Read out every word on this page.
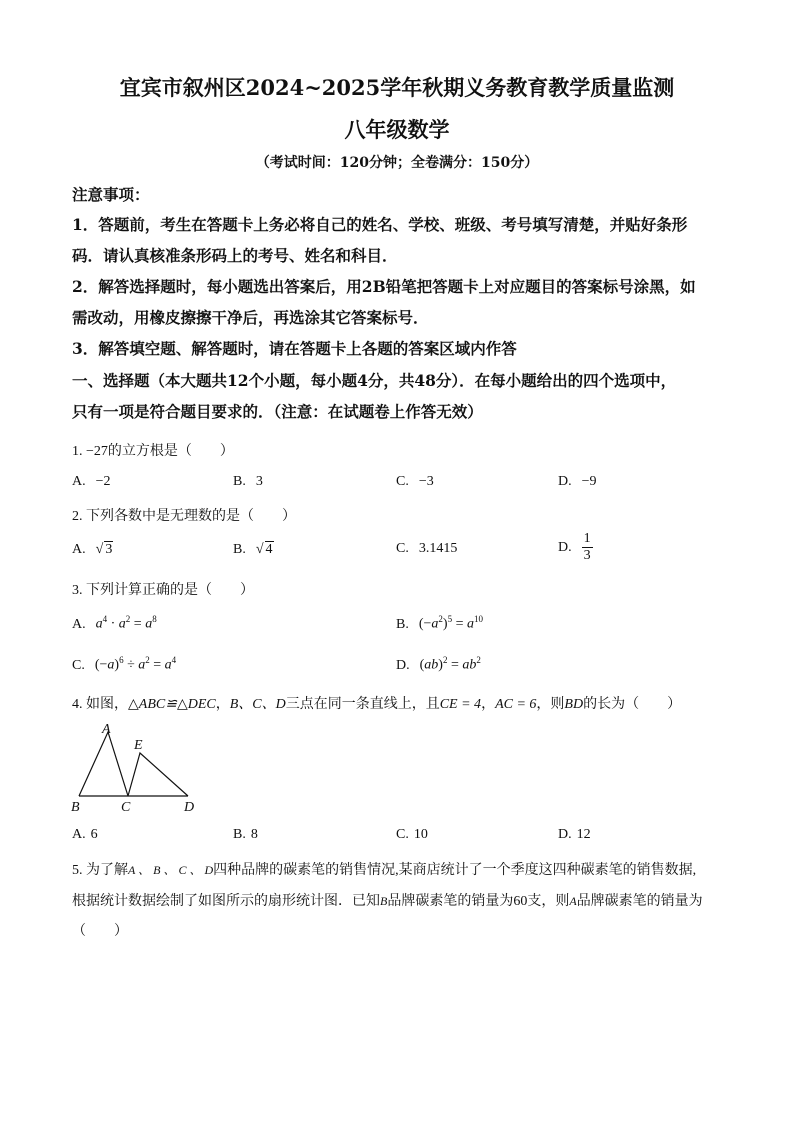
宜宾市叙州区2024~2025学年秋期义务教育教学质量监测
八年级数学
（考试时间：120分钟；全卷满分：150分）
注意事项：
1．答题前，考生在答题卡上务必将自己的姓名、学校、班级、考号填写清楚，并贴好条形
码．请认真核准条形码上的考号、姓名和科目．
2．解答选择题时，每小题选出答案后，用2B铅笔把答题卡上对应题目的答案标号涂黑，如
需改动，用橡皮擦擦干净后，再选涂其它答案标号．
3．解答填空题、解答题时，请在答题卡上各题的答案区域内作答
一、选择题（本大题共12个小题，每小题4分，共48分）．在每小题给出的四个选项中，
只有一项是符合题目要求的．（注意：在试题卷上作答无效）
1. −27的立方根是（　　）
A. −2	B. 3	C. −3	D. −9
2. 下列各数中是无理数的是（　　）
A. √ 3	B. √ 4	C. 3.1415	D. $\frac{1}{3}$
3. 下列计算正确的是（　　）
A. $a^4 \cdot a^2 = a^8$	B. $(-a^2)^5 = a^{10}$
C. $(-a)^6 \div a^2 = a^4$	D. $(ab)^2 = ab^2$
4. 如图，△ABC≌△DEC，B、C、D三点在同一条直线上，且CE = 4，AC = 6，则BD的长为（　　）
A
E
B	C	D
A. 6	B. 8	C. 10	D. 12
5. 为了解A 、 B 、 C 、 D四种品牌的碳素笔的销售情况,某商店统计了一个季度这四种碳素笔的销售数据,
根据统计数据绘制了如图所示的扇形统计图．已知B品牌碳素笔的销量为60支，则A品牌碳素笔的销量为
（　　）
